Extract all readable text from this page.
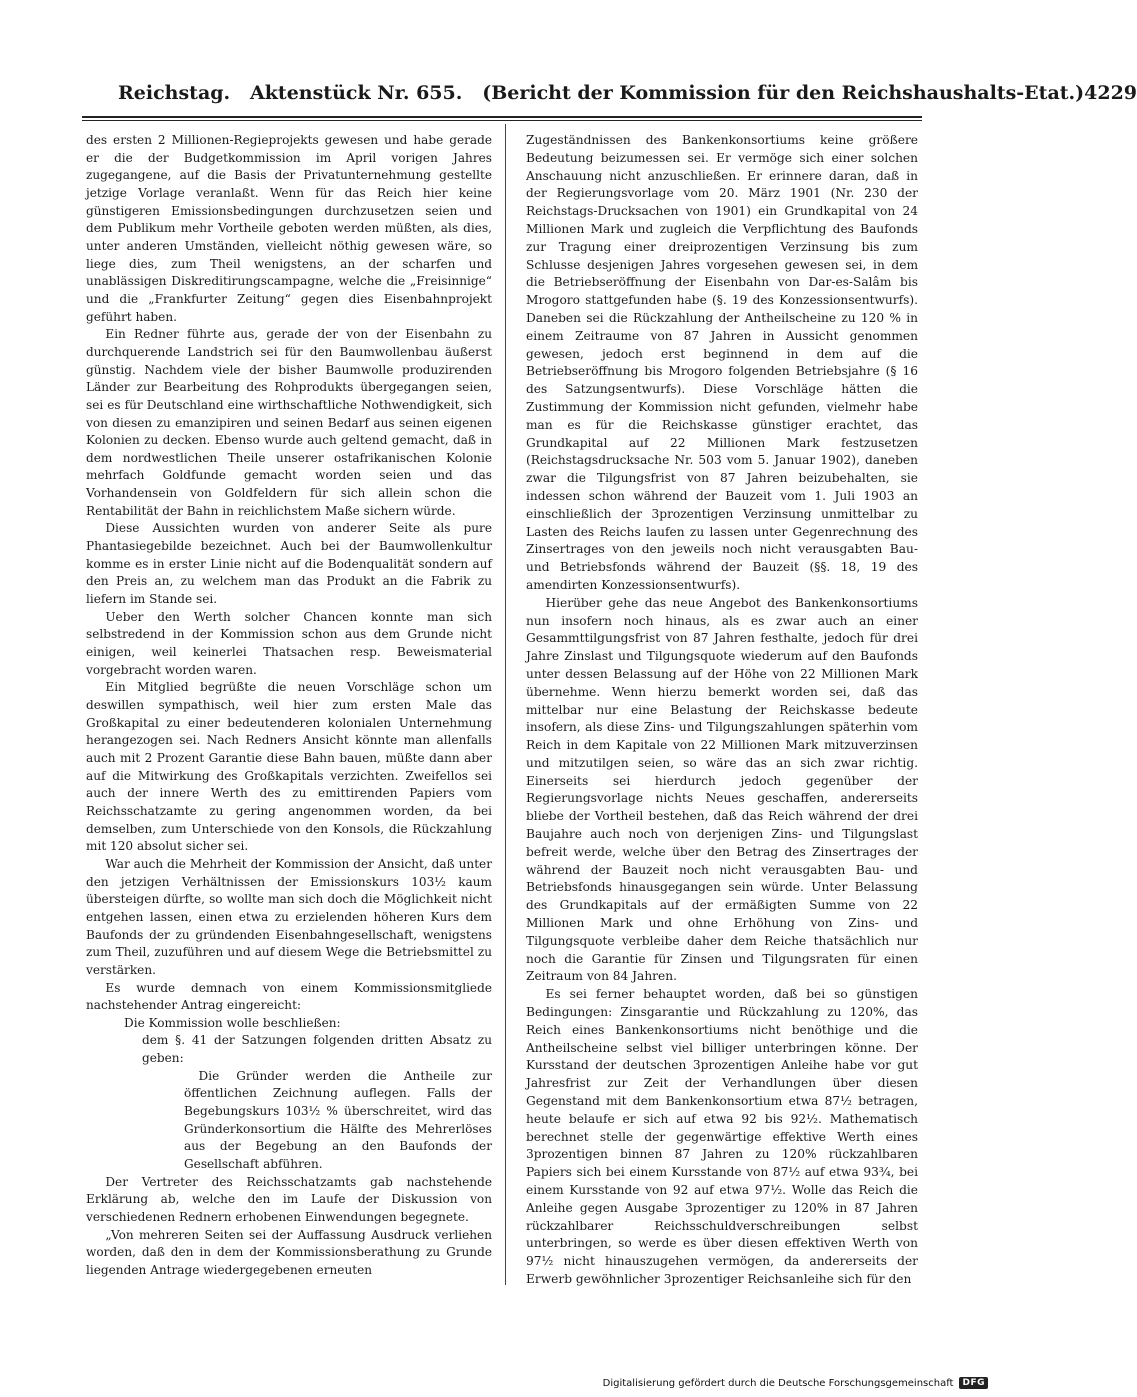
Reichstag.   Aktenstück Nr. 655.   (Bericht der Kommission für den Reichshaushalts-Etat.) 4229

des ersten 2 Millionen-Regieprojekts gewesen und habe gerade er die der Budgetkommission im April vorigen Jahres zugegangene, auf die Basis der Privatunternehmung gestellte jetzige Vorlage veranlaßt. Wenn für das Reich hier keine günstigeren Emissionsbedingungen durchzusetzen seien und dem Publikum mehr Vortheile geboten werden müßten, als dies, unter anderen Umständen, vielleicht nöthig gewesen wäre, so liege dies, zum Theil wenigstens, an der scharfen und unablässigen Diskreditirungscampagne, welche die „Freisinnige“ und die „Frankfurter Zeitung“ gegen dies Eisenbahnprojekt geführt haben.

Ein Redner führte aus, gerade der von der Eisenbahn zu durchquerende Landstrich sei für den Baumwollenbau äußerst günstig. Nachdem viele der bisher Baumwolle produzirenden Länder zur Bearbeitung des Rohprodukts übergegangen seien, sei es für Deutschland eine wirthschaftliche Nothwendigkeit, sich von diesen zu emanzipiren und seinen Bedarf aus seinen eigenen Kolonien zu decken. Ebenso wurde auch geltend gemacht, daß in dem nordwestlichen Theile unserer ostafrikanischen Kolonie mehrfach Goldfunde gemacht worden seien und das Vorhandensein von Goldfeldern für sich allein schon die Rentabilität der Bahn in reichlichstem Maße sichern würde.

Diese Aussichten wurden von anderer Seite als pure Phantasiegebilde bezeichnet. Auch bei der Baumwollenkultur komme es in erster Linie nicht auf die Bodenqualität sondern auf den Preis an, zu welchem man das Produkt an die Fabrik zu liefern im Stande sei.

Ueber den Werth solcher Chancen konnte man sich selbstredend in der Kommission schon aus dem Grunde nicht einigen, weil keinerlei Thatsachen resp. Beweismaterial vorgebracht worden waren.

Ein Mitglied begrüßte die neuen Vorschläge schon um deswillen sympathisch, weil hier zum ersten Male das Großkapital zu einer bedeutenderen kolonialen Unternehmung herangezogen sei. Nach Redners Ansicht könnte man allenfalls auch mit 2 Prozent Garantie diese Bahn bauen, müßte dann aber auf die Mitwirkung des Großkapitals verzichten. Zweifellos sei auch der innere Werth des zu emittirenden Papiers vom Reichsschatzamte zu gering angenommen worden, da bei demselben, zum Unterschiede von den Konsols, die Rückzahlung mit 120 absolut sicher sei.

War auch die Mehrheit der Kommission der Ansicht, daß unter den jetzigen Verhältnissen der Emissionskurs 103½ kaum übersteigen dürfte, so wollte man sich doch die Möglichkeit nicht entgehen lassen, einen etwa zu erzielenden höheren Kurs dem Baufonds der zu gründenden Eisenbahngesellschaft, wenigstens zum Theil, zuzuführen und auf diesem Wege die Betriebsmittel zu verstärken.

Es wurde demnach von einem Kommissionsmitgliede nachstehender Antrag eingereicht:

Die Kommission wolle beschließen:

dem §. 41 der Satzungen folgenden dritten Absatz zu geben:

Die Gründer werden die Antheile zur öffentlichen Zeichnung auflegen. Falls der Begebungskurs 103½ % überschreitet, wird das Gründerkonsortium die Hälfte des Mehrerlöses aus der Begebung an den Baufonds der Gesellschaft abführen.

Der Vertreter des Reichsschatzamts gab nachstehende Erklärung ab, welche den im Laufe der Diskussion von verschiedenen Rednern erhobenen Einwendungen begegnete.

„Von mehreren Seiten sei der Auffassung Ausdruck verliehen worden, daß den in dem der Kommissionsberathung zu Grunde liegenden Antrage wiedergegebenen erneuten

Zugeständnissen des Bankenkonsortiums keine größere Bedeutung beizumessen sei. Er vermöge sich einer solchen Anschauung nicht anzuschließen. Er erinnere daran, daß in der Regierungsvorlage vom 20. März 1901 (Nr. 230 der Reichstags-Drucksachen von 1901) ein Grundkapital von 24 Millionen Mark und zugleich die Verpflichtung des Baufonds zur Tragung einer dreiprozentigen Verzinsung bis zum Schlusse desjenigen Jahres vorgesehen gewesen sei, in dem die Betriebseröffnung der Eisenbahn von Dar-es-Salâm bis Mrogoro stattgefunden habe (§. 19 des Konzessionsentwurfs). Daneben sei die Rückzahlung der Antheilscheine zu 120 % in einem Zeitraume von 87 Jahren in Aussicht genommen gewesen, jedoch erst beginnend in dem auf die Betriebseröffnung bis Mrogoro folgenden Betriebsjahre (§ 16 des Satzungsentwurfs). Diese Vorschläge hätten die Zustimmung der Kommission nicht gefunden, vielmehr habe man es für die Reichskasse günstiger erachtet, das Grundkapital auf 22 Millionen Mark festzusetzen (Reichstagsdrucksache Nr. 503 vom 5. Januar 1902), daneben zwar die Tilgungsfrist von 87 Jahren beizubehalten, sie indessen schon während der Bauzeit vom 1. Juli 1903 an einschließlich der 3prozentigen Verzinsung unmittelbar zu Lasten des Reichs laufen zu lassen unter Gegenrechnung des Zinsertrages von den jeweils noch nicht verausgabten Bau- und Betriebsfonds während der Bauzeit (§§. 18, 19 des amendirten Konzessionsentwurfs).

Hierüber gehe das neue Angebot des Bankenkonsortiums nun insofern noch hinaus, als es zwar auch an einer Gesammttilgungsfrist von 87 Jahren festhalte, jedoch für drei Jahre Zinslast und Tilgungsquote wiederum auf den Baufonds unter dessen Belassung auf der Höhe von 22 Millionen Mark übernehme. Wenn hierzu bemerkt worden sei, daß das mittelbar nur eine Belastung der Reichskasse bedeute insofern, als diese Zins- und Tilgungszahlungen späterhin vom Reich in dem Kapitale von 22 Millionen Mark mitzuverzinsen und mitzutilgen seien, so wäre das an sich zwar richtig. Einerseits sei hierdurch jedoch gegenüber der Regierungsvorlage nichts Neues geschaffen, andererseits bliebe der Vortheil bestehen, daß das Reich während der drei Baujahre auch noch von derjenigen Zins- und Tilgungslast befreit werde, welche über den Betrag des Zinsertrages der während der Bauzeit noch nicht verausgabten Bau- und Betriebsfonds hinausgegangen sein würde. Unter Belassung des Grundkapitals auf der ermäßigten Summe von 22 Millionen Mark und ohne Erhöhung von Zins- und Tilgungsquote verbleibe daher dem Reiche thatsächlich nur noch die Garantie für Zinsen und Tilgungsraten für einen Zeitraum von 84 Jahren.

Es sei ferner behauptet worden, daß bei so günstigen Bedingungen: Zinsgarantie und Rückzahlung zu 120%, das Reich eines Bankenkonsortiums nicht benöthige und die Antheilscheine selbst viel billiger unterbringen könne. Der Kursstand der deutschen 3prozentigen Anleihe habe vor gut Jahresfrist zur Zeit der Verhandlungen über diesen Gegenstand mit dem Bankenkonsortium etwa 87½ betragen, heute belaufe er sich auf etwa 92 bis 92½. Mathematisch berechnet stelle der gegenwärtige effektive Werth eines 3prozentigen binnen 87 Jahren zu 120% rückzahlbaren Papiers sich bei einem Kursstande von 87½ auf etwa 93¾, bei einem Kursstande von 92 auf etwa 97½. Wolle das Reich die Anleihe gegen Ausgabe 3prozentiger zu 120% in 87 Jahren rückzahlbarer Reichsschuldverschreibungen selbst unterbringen, so werde es über diesen effektiven Werth von 97½ nicht hinauszugehen vermögen, da andererseits der Erwerb gewöhnlicher 3prozentiger Reichsanleihe sich für den

Digitalisierung gefördert durch die Deutsche Forschungsgemeinschaft	DFG
